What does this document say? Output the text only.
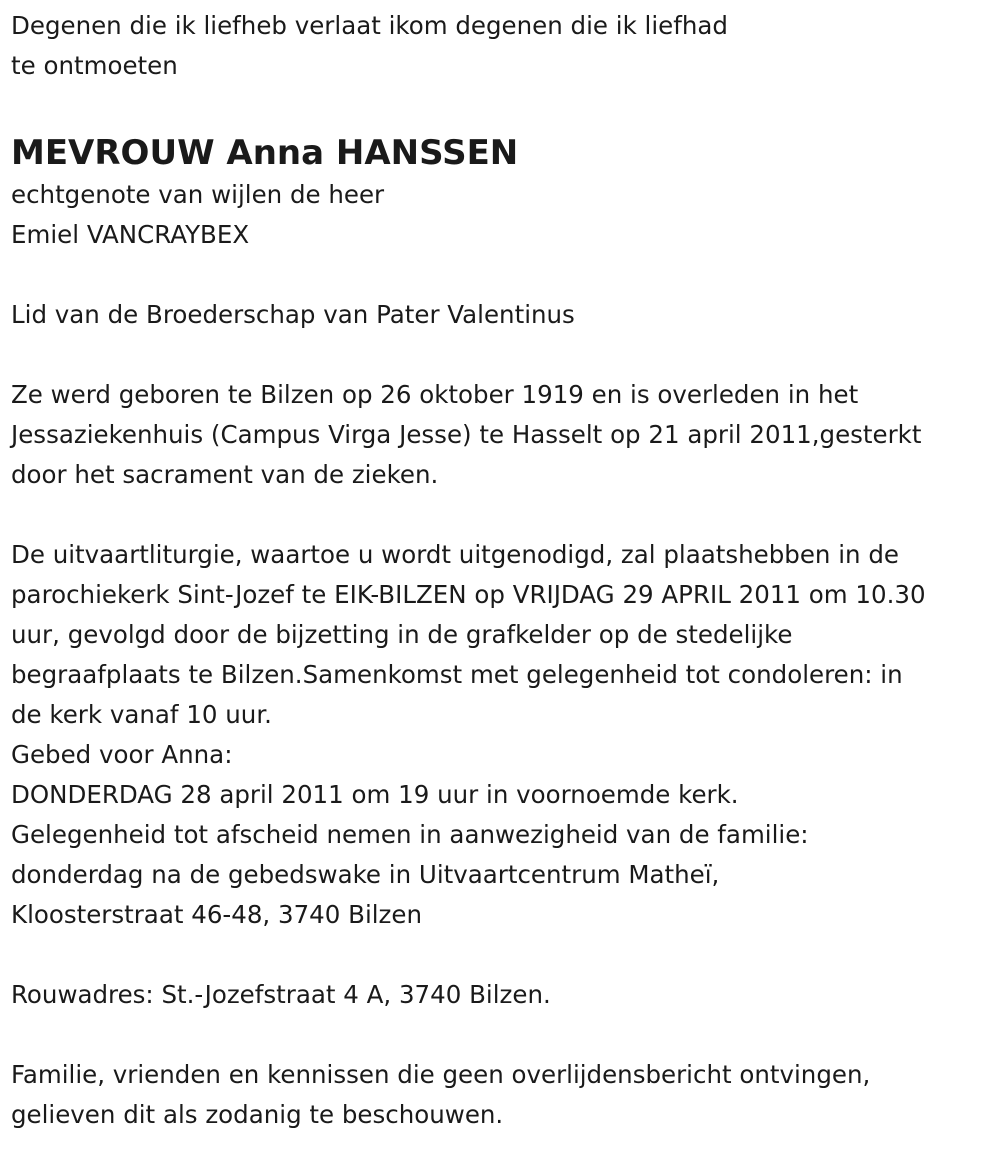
Degenen die ik liefheb verlaat ikom degenen die ik liefhad
te ontmoeten
MEVROUW Anna HANSSEN
echtgenote van wijlen de heer
Emiel VANCRAYBEX
Lid van de Broederschap van Pater Valentinus
Ze werd geboren te Bilzen op 26 oktober 1919 en is overleden in het
Jessaziekenhuis (Campus Virga Jesse) te Hasselt op 21 april 2011,gesterkt
door het sacrament van de zieken.
De uitvaartliturgie, waartoe u wordt uitgenodigd, zal plaatshebben in de
parochiekerk Sint-Jozef te EIK-BILZEN op VRIJDAG 29 APRIL 2011 om 10.30
uur, gevolgd door de bijzetting in de grafkelder op de stedelijke
begraafplaats te Bilzen.Samenkomst met gelegenheid tot condoleren: in
de kerk vanaf 10 uur.
Gebed voor Anna:
DONDERDAG 28 april 2011 om 19 uur in voornoemde kerk.
Gelegenheid tot afscheid nemen in aanwezigheid van de familie:
donderdag na de gebedswake in Uitvaartcentrum Matheï,
Kloosterstraat 46-48, 3740 Bilzen
Rouwadres: St.-Jozefstraat 4 A, 3740 Bilzen.
Familie, vrienden en kennissen die geen overlijdensbericht ontvingen,
gelieven dit als zodanig te beschouwen.
